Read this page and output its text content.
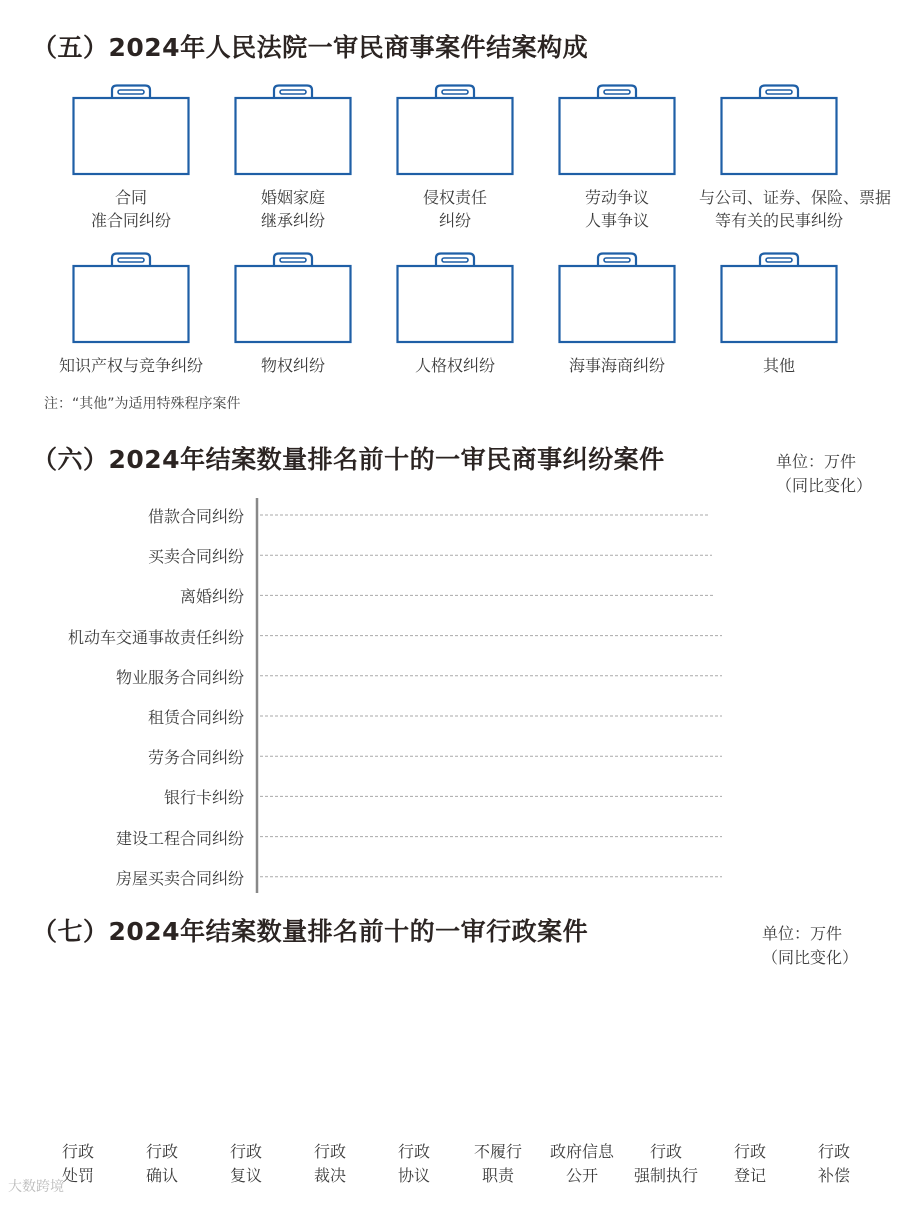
（五）2024年人民法院一审民商事案件结案构成
合同
准合同纠纷
婚姻家庭
继承纠纷
侵权责任
纠纷
劳动争议
人事争议
与公司、证券、保险、票据
等有关的民事纠纷
知识产权与竞争纠纷	物权纠纷	人格权纠纷	海事海商纠纷	其他
注：“其他”为适用特殊程序案件
（六）2024年结案数量排名前十的一审民商事纠纷案件	单位：万件
（同比变化）
借款合同纠纷
买卖合同纠纷
离婚纠纷
机动车交通事故责任纠纷
物业服务合同纠纷
租赁合同纠纷
劳务合同纠纷
银行卡纠纷
建设工程合同纠纷
房屋买卖合同纠纷
（七）2024年结案数量排名前十的一审行政案件	单位：万件
（同比变化）
行政
处罚
行政
确认
行政
复议
行政
裁决
行政
协议
不履行
职责
政府信息
公开
行政
强制执行
行政
登记
行政
补偿
大数跨境
